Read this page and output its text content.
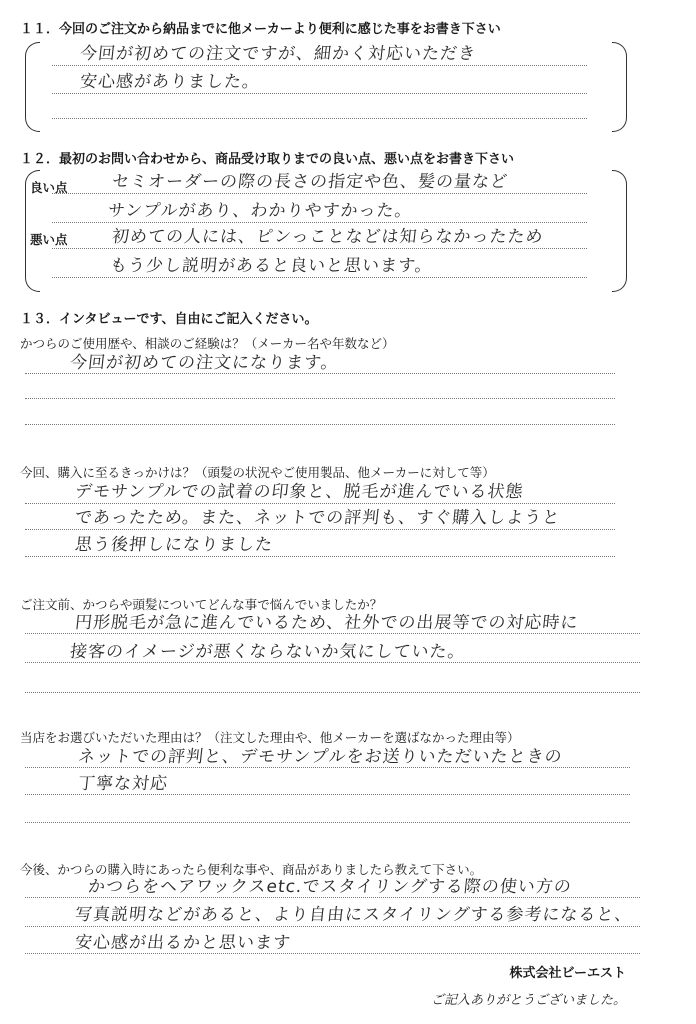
１１．今回のご注文から納品までに他メーカーより便利に感じた事をお書き下さい
今回が初めての注文ですが、細かく対応いただき
安心感がありました。
１２．最初のお問い合わせから、商品受け取りまでの良い点、悪い点をお書き下さい
良い点
悪い点
セミオーダーの際の長さの指定や色、髪の量など
サンプルがあり、わかりやすかった。
初めての人には、ピンっことなどは知らなかったため
もう少し説明があると良いと思います。
１３．インタビューです、自由にご記入ください。
かつらのご使用歴や、相談のご経験は？（メーカー名や年数など）
今回が初めての注文になります。
今回、購入に至るきっかけは？（頭髪の状況やご使用製品、他メーカーに対して等）
デモサンプルでの試着の印象と、脱毛が進んでいる状態
であったため。また、ネットでの評判も、すぐ購入しようと
思う後押しになりました
ご注文前、かつらや頭髪についてどんな事で悩んでいましたか？
円形脱毛が急に進んでいるため、社外での出展等での対応時に
接客のイメージが悪くならないか気にしていた。
当店をお選びいただいた理由は？（注文した理由や、他メーカーを選ばなかった理由等）
ネットでの評判と、デモサンプルをお送りいただいたときの
丁寧な対応
今後、かつらの購入時にあったら便利な事や、商品がありましたら教えて下さい。
かつらをヘアワックスetc.でスタイリングする際の使い方の
写真説明などがあると、より自由にスタイリングする参考になると、
安心感が出るかと思います
株式会社ビーエスト
ご記入ありがとうございました。
